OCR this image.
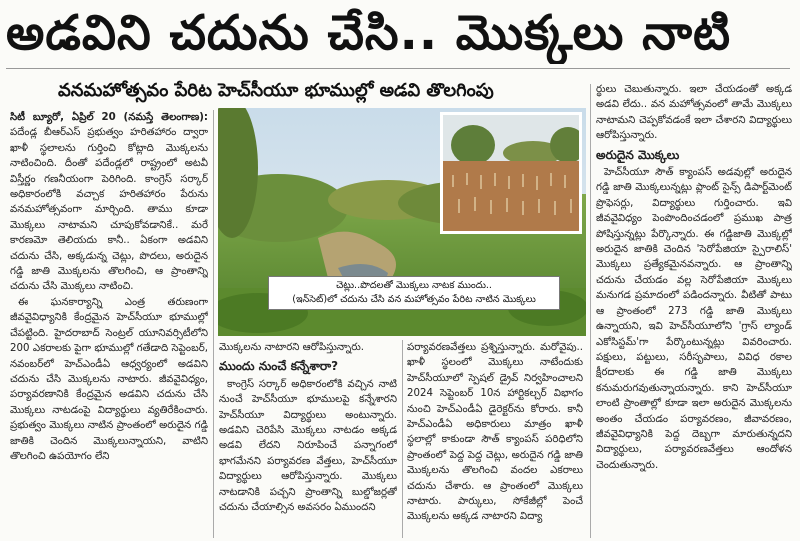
అడవిని చదును చేసి.. మొక్కలు నాటి
వనమహోత్సవం పేరిట హెచ్‌సీయూ భూముల్లో అడవి తొలగింపు

సిటీ బ్యూరో, ఏప్రిల్ 20 (నమస్తే తెలంగాణ): పదేండ్ల బీఆర్‌ఎస్ ప్రభుత్వం హరితహారం ద్వారా ఖాళీ స్థలాలను గుర్తించి కోట్లాది మొక్కలను నాటించింది. దీంతో పదేండ్లలో రాష్ట్రంలో అటవీ విస్తీర్ణం గణనీయంగా పెరిగింది. కాంగ్రెస్ సర్కార్ అధికారంలోకి వచ్చాక హరితహారం పేరును వనమహోత్సవంగా మార్చింది. తాము కూడా మొక్కలు నాటామని చూపుకోవడానికే.. మరే కారణమో తెలియదు కానీ.. ఏకంగా అడవిని చదును చేసి, అక్కడున్న చెట్లు, పొదలు, అరుదైన గడ్డి జాతి మొక్కలను తొలగించి, ఆ ప్రాంతాన్ని చదును చేసి మొక్కలు నాటించి.

ఈ ఘనకార్యాన్ని ఎంత్ర తరుణంగా జీవవైవిధ్యానికి కేంద్రమైన హెచ్‌సీయూ భూముల్లో చేపట్టింది. హైదరాబాద్ సెంట్రల్ యూనివర్సిటీలోని 200 ఎకరాలకు పైగా భూముల్లో గతేడాది సెప్టెంబర్, నవంబర్‌లో హెచ్‌ఎండీఏ ఆధ్వర్యంలో అడవిని చదును చేసి మొక్కలను నాటారు. జీవవైవిధ్యం, పర్యావరణానికి కేంద్రమైన అడవిని చదును చేసి మొక్కలు నాటడంపై విద్యార్థులు వ్యతిరేకించారు. ప్రభుత్వం మొక్కలు నాటిన ప్రాంతంలో అరుదైన గడ్డి జాతికి చెందిన మొక్కలున్నాయని, వాటిని తొలగించి ఉపయోగం లేని

చెట్లు..పొదలతో మొక్కలు నాటక ముందు..
(ఇన్‌సెట్‌)లో చదును చేసి వన మహోత్సవం పేరిట నాటిన మొక్కలు

మొక్కలను నాటారని ఆరోపిస్తున్నారు.

ముందు నుంచే కన్నేశారా?

కాంగ్రెస్ సర్కార్ అధికారంలోకి వచ్చిన నాటి నుంచే హెచ్‌సీయూ భూములపై కన్నేశారని హెచ్‌సీయూ విద్యార్థులు అంటున్నారు. అడవిని చెరిపేసి మొక్కలు నాటడం అక్కడ అడవి లేదని నిరూపించే పన్నాగంలో భాగమేనని పర్యావరణ వేత్తలు, హెచ్‌సీయూ విద్యార్థులు ఆరోపిస్తున్నారు. మొక్కలు నాటడానికి పచ్చని ప్రాంతాన్ని బుల్డోజర్లతో చదును చేయాల్సిన అవసరం ఏముందని

పర్యావరణవేత్తలు ప్రశ్నిస్తున్నారు. మరోవైపు.. ఖాళీ స్థలంలో మొక్కలు నాటేందుకు హెచ్‌సీయూలో స్పెషల్ డ్రైవ్ నిర్వహించాలని 2024 సెప్టెంబర్ 10న హార్టికల్చర్ విభాగం నుంచి హెచ్‌ఎండీఏ డైరెక్టర్‌ను కోరారు. కానీ హెచ్‌ఎండీఏ అధికారులు మాత్రం ఖాళీ స్థలాల్లో కాకుండా సౌత్ క్యాంపస్ పరిధిలోని ప్రాంతంలో పెద్ద పెద్ద చెట్లు, అరుదైన గడ్డి జాతి మొక్కలను తొలగించి వందల ఎకరాలు చదును చేశారు. ఆ ప్రాంతంలో మొక్కలు నాటారు. పార్కులు, సోకేజీల్లో పెంచే మొక్కలను అక్కడ నాటారని విద్యా

ర్థులు చెబుతున్నారు. ఇలా చేయడంతో అక్కడ అడవి లేదు.. వన మహోత్సవంలో తామే మొక్కలు నాటామని చెప్పకోవడంకే ఇలా చేశారని విద్యార్థులు ఆరోపిస్తున్నారు.

అరుదైన మొక్కలు

హెచ్‌సీయూ సౌత్ క్యాంపస్ అడవుల్లో అరుదైన గడ్డి జాతి మొక్కలున్నట్లు ప్లాంట్ సైన్స్ డిపార్ట్‌మెంట్ ప్రొఫెసర్లు, విద్యార్థులు గుర్తించారు. ఇవి జీవవైవిధ్యం పెంపొందించడంలో ప్రముఖ పాత్ర పోషిస్తున్నట్లు పేర్కొన్నారు. ఈ గడ్డిజాతి మొక్కల్లో అరుదైన జాతికి చెందిన 'సెరోపేజియా స్పైరాలిస్' మొక్కలు ప్రత్యేకమైనవన్నారు. ఆ ప్రాంతాన్ని చదును చేయడం వల్ల సెరోపేజియా మొక్కలు మనుగడ ప్రమాదంలో పడిందన్నారు. వీటితో పాటు ఆ ప్రాంతంలో 273 గడ్డి జాతి మొక్కలు ఉన్నాయని, ఇవి హెచ్‌సీయూలోని 'గ్రాస్ ల్యాండ్ ఎకోసిస్టమ్'గా పేర్కొంటున్నట్లు వివరించారు. పక్షులు, పట్టులు, సరీసృపాలు, వివిధ రకాల క్షీరదాలకు ఈ గడ్డి జాతి మొక్కలు కనుమరుగవుతున్నాయన్నారు. కాని హెచ్‌సీయూ లాంటి ప్రాంతాల్లో కూడా ఇలా అరుదైన మొక్కలను అంతం చేయడం పర్యావరణం, జీవావరణం, జీవవైవిధ్యానికి పెద్ద దెబ్బగా మారుతున్నదని విద్యార్థులు, పర్యావరణవేత్తలు ఆందోళన చెందుతున్నారు.
